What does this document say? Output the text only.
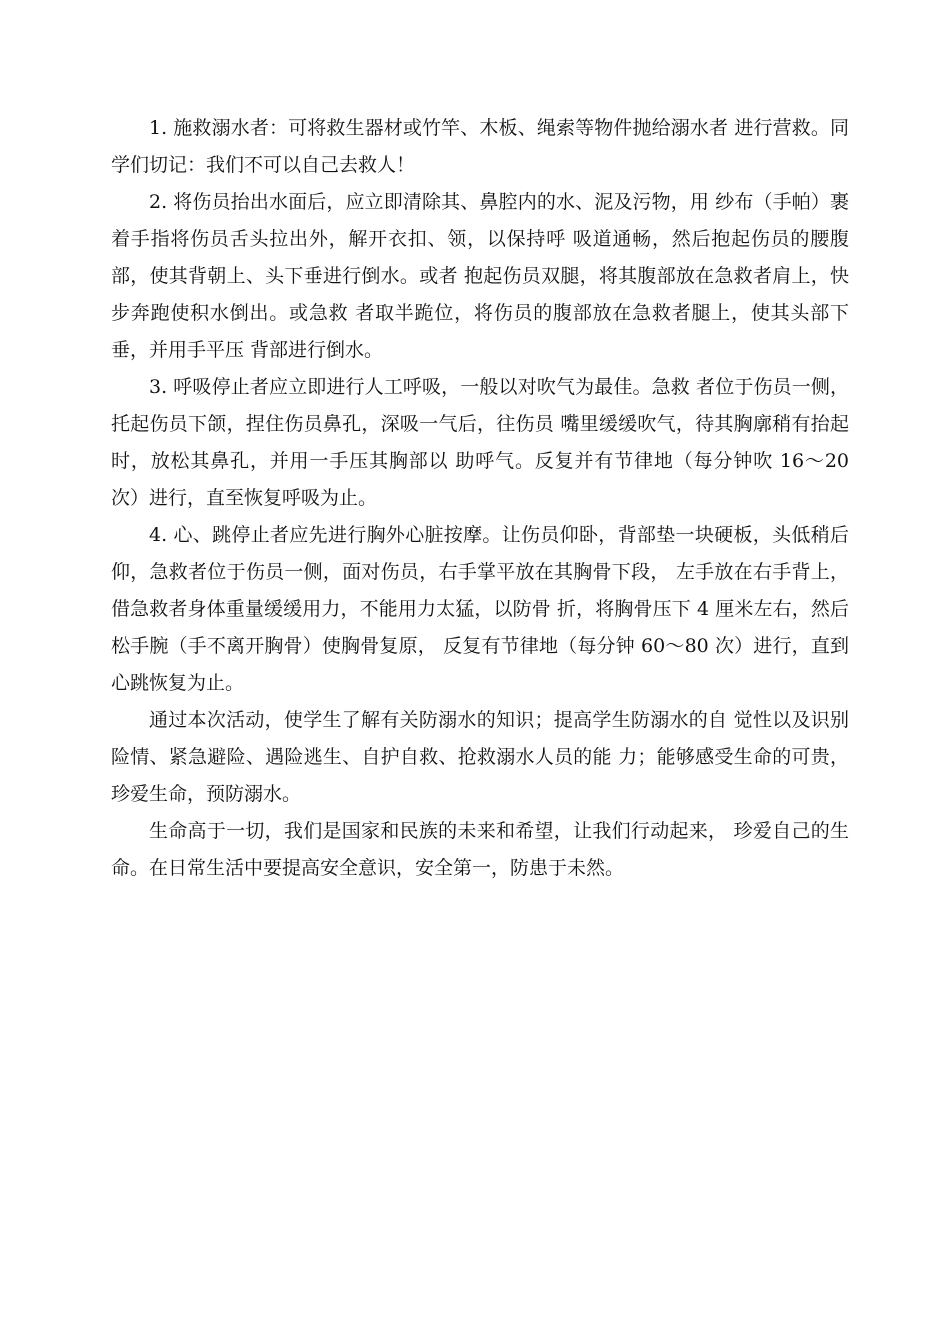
1. 施救溺水者：可将救生器材或竹竿、木板、绳索等物件抛给溺水者 进行营救。同学们切记：我们不可以自己去救人！

2. 将伤员抬出水面后，应立即清除其、鼻腔内的水、泥及污物，用 纱布（手帕）裹着手指将伤员舌头拉出外，解开衣扣、领，以保持呼 吸道通畅，然后抱起伤员的腰腹部，使其背朝上、头下垂进行倒水。或者 抱起伤员双腿，将其腹部放在急救者肩上，快步奔跑使积水倒出。或急救 者取半跪位，将伤员的腹部放在急救者腿上，使其头部下垂，并用手平压 背部进行倒水。

3. 呼吸停止者应立即进行人工呼吸，一般以对吹气为最佳。急救 者位于伤员一侧，托起伤员下颌，捏住伤员鼻孔，深吸一气后，往伤员 嘴里缓缓吹气，待其胸廓稍有抬起时，放松其鼻孔，并用一手压其胸部以 助呼气。反复并有节律地（每分钟吹 16〜20 次）进行，直至恢复呼吸为止。

4. 心、跳停止者应先进行胸外心脏按摩。让伤员仰卧，背部垫一块硬板，头低稍后仰，急救者位于伤员一侧，面对伤员，右手掌平放在其胸骨下段， 左手放在右手背上，借急救者身体重量缓缓用力，不能用力太猛，以防骨 折，将胸骨压下 4 厘米左右，然后松手腕（手不离开胸骨）使胸骨复原， 反复有节律地（每分钟 60〜80 次）进行，直到心跳恢复为止。

通过本次活动，使学生了解有关防溺水的知识；提高学生防溺水的自 觉性以及识别险情、紧急避险、遇险逃生、自护自救、抢救溺水人员的能 力；能够感受生命的可贵，珍爱生命，预防溺水。

生命高于一切，我们是国家和民族的未来和希望，让我们行动起来， 珍爱自己的生命。在日常生活中要提高安全意识，安全第一，防患于未然。
